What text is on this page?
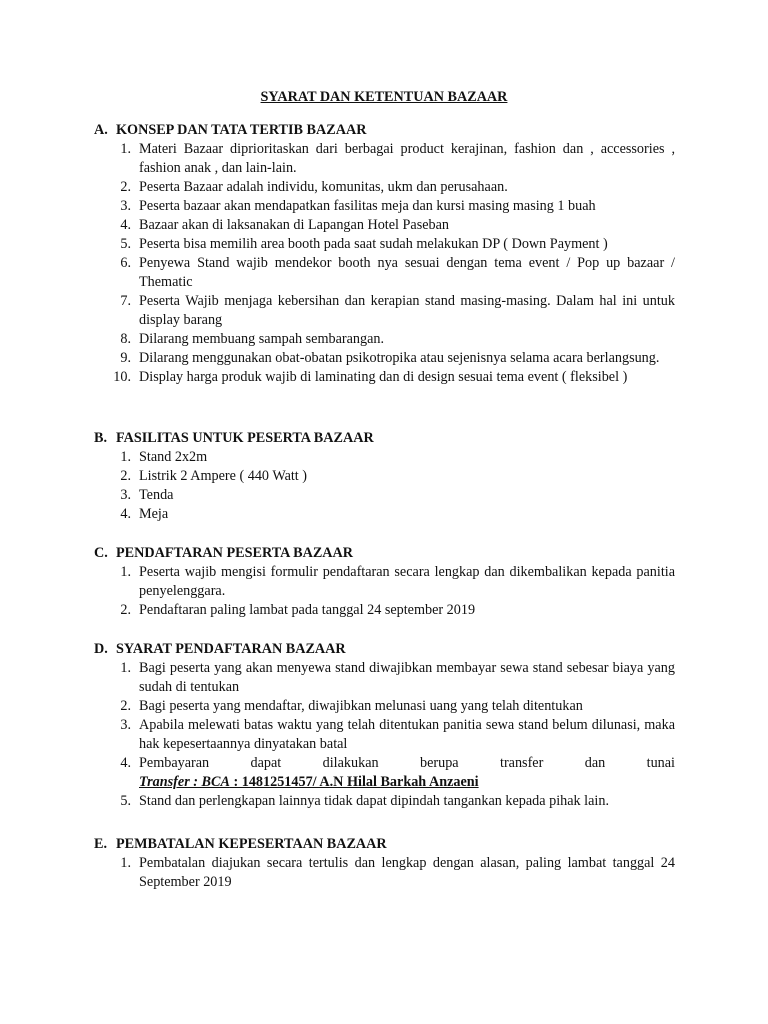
SYARAT DAN KETENTUAN BAZAAR
A. KONSEP DAN TATA TERTIB BAZAAR
1. Materi Bazaar diprioritaskan dari berbagai product kerajinan, fashion dan , accessories , fashion anak , dan lain-lain.
2. Peserta Bazaar adalah individu, komunitas, ukm dan perusahaan.
3. Peserta bazaar akan mendapatkan fasilitas meja dan kursi masing masing 1 buah
4. Bazaar akan di laksanakan di Lapangan Hotel Paseban
5. Peserta bisa memilih area booth pada saat sudah melakukan DP ( Down Payment )
6. Penyewa Stand wajib mendekor booth nya sesuai dengan tema event / Pop up bazaar / Thematic
7. Peserta Wajib menjaga kebersihan dan kerapian stand masing-masing. Dalam hal ini untuk display barang
8. Dilarang membuang sampah sembarangan.
9. Dilarang menggunakan obat-obatan psikotropika atau sejenisnya selama acara berlangsung.
10. Display harga produk wajib di laminating dan di design sesuai tema event ( fleksibel )
B. FASILITAS UNTUK PESERTA BAZAAR
1. Stand 2x2m
2. Listrik 2 Ampere ( 440 Watt )
3. Tenda
4. Meja
C. PENDAFTARAN PESERTA BAZAAR
1. Peserta wajib mengisi formulir pendaftaran secara lengkap dan dikembalikan kepada panitia penyelenggara.
2. Pendaftaran paling lambat pada tanggal 24 september 2019
D. SYARAT PENDAFTARAN BAZAAR
1. Bagi peserta yang akan menyewa stand diwajibkan membayar sewa stand sebesar biaya yang sudah di tentukan
2. Bagi peserta yang mendaftar, diwajibkan melunasi uang yang telah ditentukan
3. Apabila melewati batas waktu yang telah ditentukan panitia sewa stand belum dilunasi, maka hak kepesertaannya dinyatakan batal
4. Pembayaran dapat dilakukan berupa transfer dan tunai
Transfer : BCA : 1481251457/ A.N Hilal Barkah Anzaeni
5. Stand dan perlengkapan lainnya tidak dapat dipindah tangankan kepada pihak lain.
E. PEMBATALAN KEPESERTAAN BAZAAR
1. Pembatalan diajukan secara tertulis dan lengkap dengan alasan, paling lambat tanggal 24 September 2019
